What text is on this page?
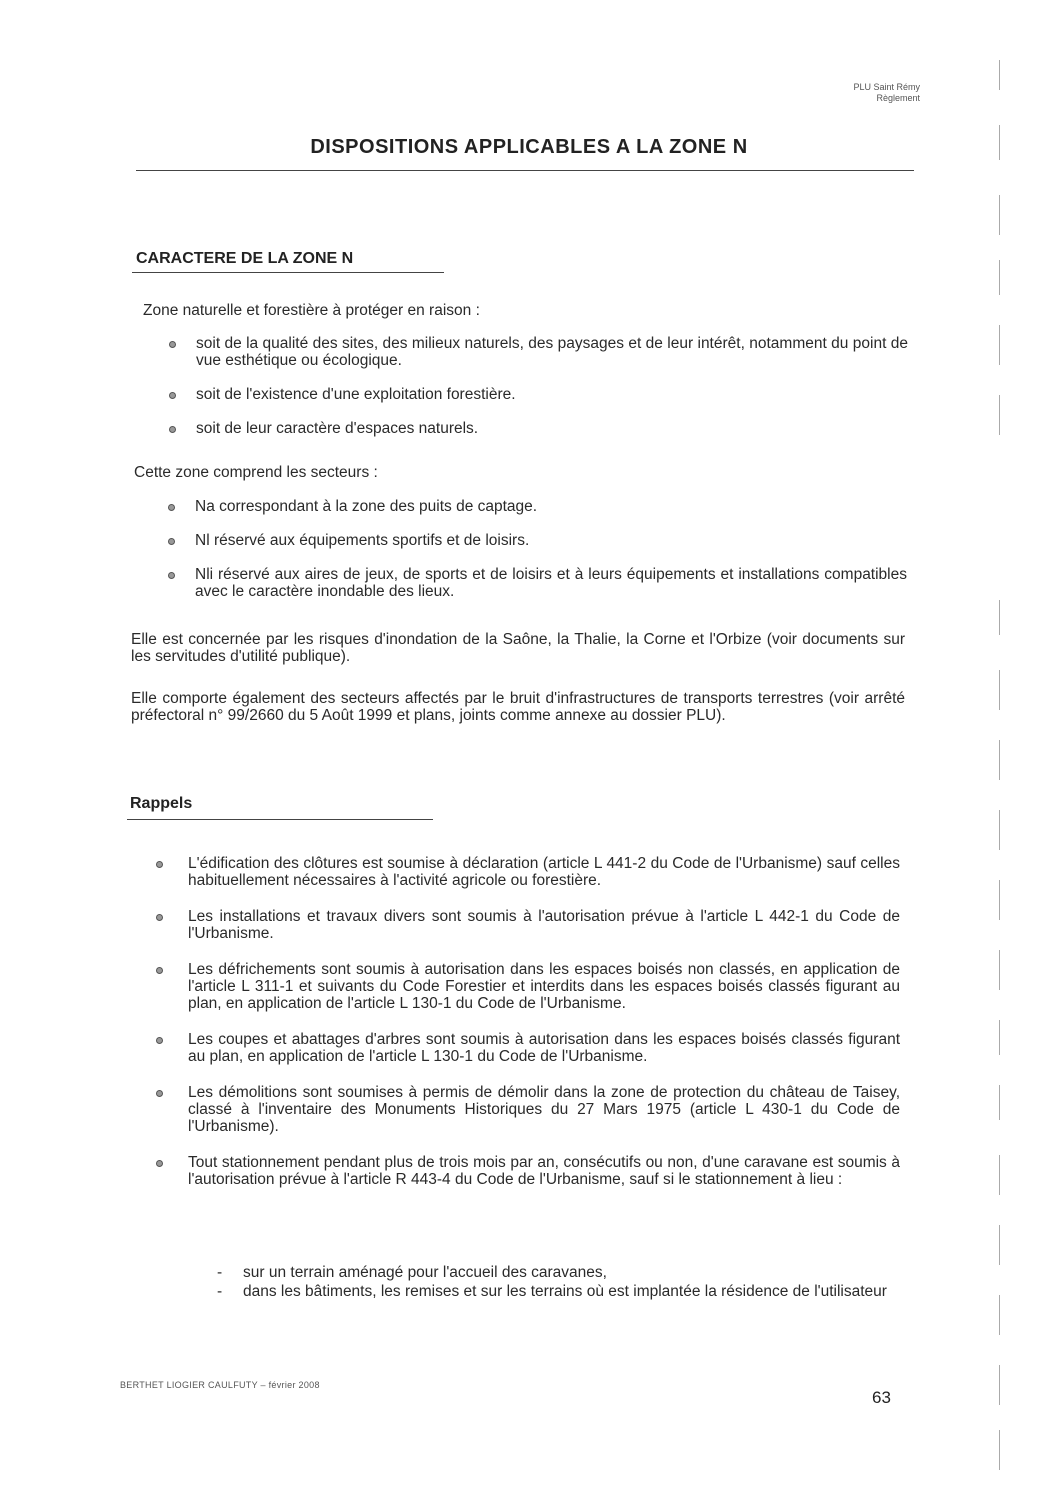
PLU Saint Rémy
Règlement
DISPOSITIONS APPLICABLES A LA ZONE N
CARACTERE DE LA ZONE N
Zone naturelle et forestière à protéger en raison :
soit de la qualité des sites, des milieux naturels, des paysages et de leur intérêt, notamment du point de vue esthétique ou écologique.
soit de l'existence d'une exploitation forestière.
soit de leur caractère d'espaces naturels.
Cette zone comprend les secteurs :
Na correspondant à la zone des puits de captage.
Nl réservé aux équipements sportifs et de loisirs.
Nli réservé aux aires de jeux, de sports et de loisirs et à leurs équipements et installations compatibles avec le caractère inondable des lieux.
Elle est concernée par les risques d'inondation de la Saône, la Thalie, la Corne et l'Orbize (voir documents sur les servitudes d'utilité publique).
Elle comporte également des secteurs affectés par le bruit d'infrastructures de transports terrestres (voir arrêté préfectoral n° 99/2660 du 5 Août 1999 et plans, joints comme annexe au dossier PLU).
Rappels
L'édification des clôtures est soumise à déclaration (article L 441-2 du Code de l'Urbanisme) sauf celles habituellement nécessaires à l'activité agricole ou forestière.
Les installations et travaux divers sont soumis à l'autorisation prévue à l'article L 442-1 du Code de l'Urbanisme.
Les défrichements sont soumis à autorisation dans les espaces boisés non classés, en application de l'article L 311-1 et suivants du Code Forestier et interdits dans les espaces boisés classés figurant au plan, en application de l'article L 130-1 du Code de l'Urbanisme.
Les coupes et abattages d'arbres sont soumis à autorisation dans les espaces boisés classés figurant au plan, en application de l'article L 130-1 du Code de l'Urbanisme.
Les démolitions sont soumises à permis de démolir dans la zone de protection du château de Taisey, classé à l'inventaire des Monuments Historiques du 27 Mars 1975 (article L 430-1 du Code de l'Urbanisme).
Tout stationnement pendant plus de trois mois par an, consécutifs ou non, d'une caravane est soumis à l'autorisation prévue à l'article R 443-4 du Code de l'Urbanisme, sauf si le stationnement à lieu :
- sur un terrain aménagé pour l'accueil des caravanes,
- dans les bâtiments, les remises et sur les terrains où est implantée la résidence de l'utilisateur
BERTHET LIOGIER CAULFUTY – février 2008
63
